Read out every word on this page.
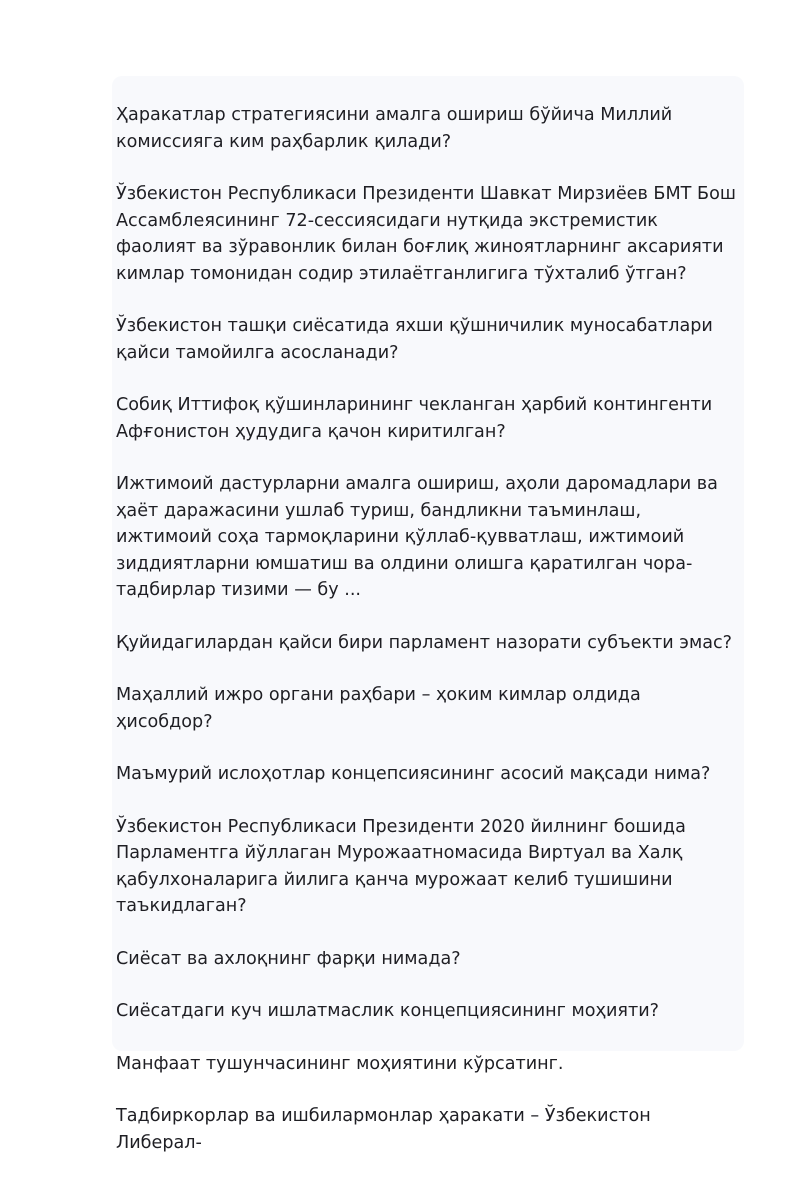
Ҳаракатлар стратегиясини амалга ошириш бўйича Миллий комиссияга ким раҳбарлик қилади?

Ўзбекистон Республикаси Президенти Шавкат Мирзиёев БМТ Бош Ассамблеясининг 72-сессиясидаги нутқида экстремистик фаолият ва зўравонлик билан боғлиқ жиноятларнинг аксарияти кимлар томонидан содир этилаётганлигига тўхталиб ўтган?

Ўзбекистон ташқи сиёсатида яхши қўшничилик муносабатлари қайси тамойилга асосланади?

Собиқ Иттифоқ қўшинларининг чекланган ҳарбий контингенти Афғонистон ҳудудига қачон киритилган?

Ижтимоий дастурларни амалга ошириш, аҳоли даромадлари ва ҳаёт даражасини ушлаб туриш, бандликни таъминлаш, ижтимоий соҳа тармоқларини қўллаб-қувватлаш, ижтимоий зиддиятларни юмшатиш ва олдини олишга қаратилган чора-тадбирлар тизими — бу ...

Қуйидагилардан қайси бири парламент назорати субъекти эмас?

Маҳаллий ижро органи раҳбари – ҳоким кимлар олдида ҳисобдор?

Маъмурий ислоҳотлар концепсиясининг асосий мақсади нима?

Ўзбекистон Республикаси Президенти 2020 йилнинг бошида Парламентга йўллаган Мурожаатномасида Виртуал ва Халқ қабулхоналарига йилига қанча мурожаат келиб тушишини таъкидлаган?

Сиёсат ва ахлоқнинг фарқи нимада?

Сиёсатдаги куч ишлатмаслик концепциясининг моҳияти?

Манфаат тушунчасининг моҳиятини кўрсатинг.

Тадбиркорлар ва ишбилармонлар ҳаракати – Ўзбекистон Либерал-
